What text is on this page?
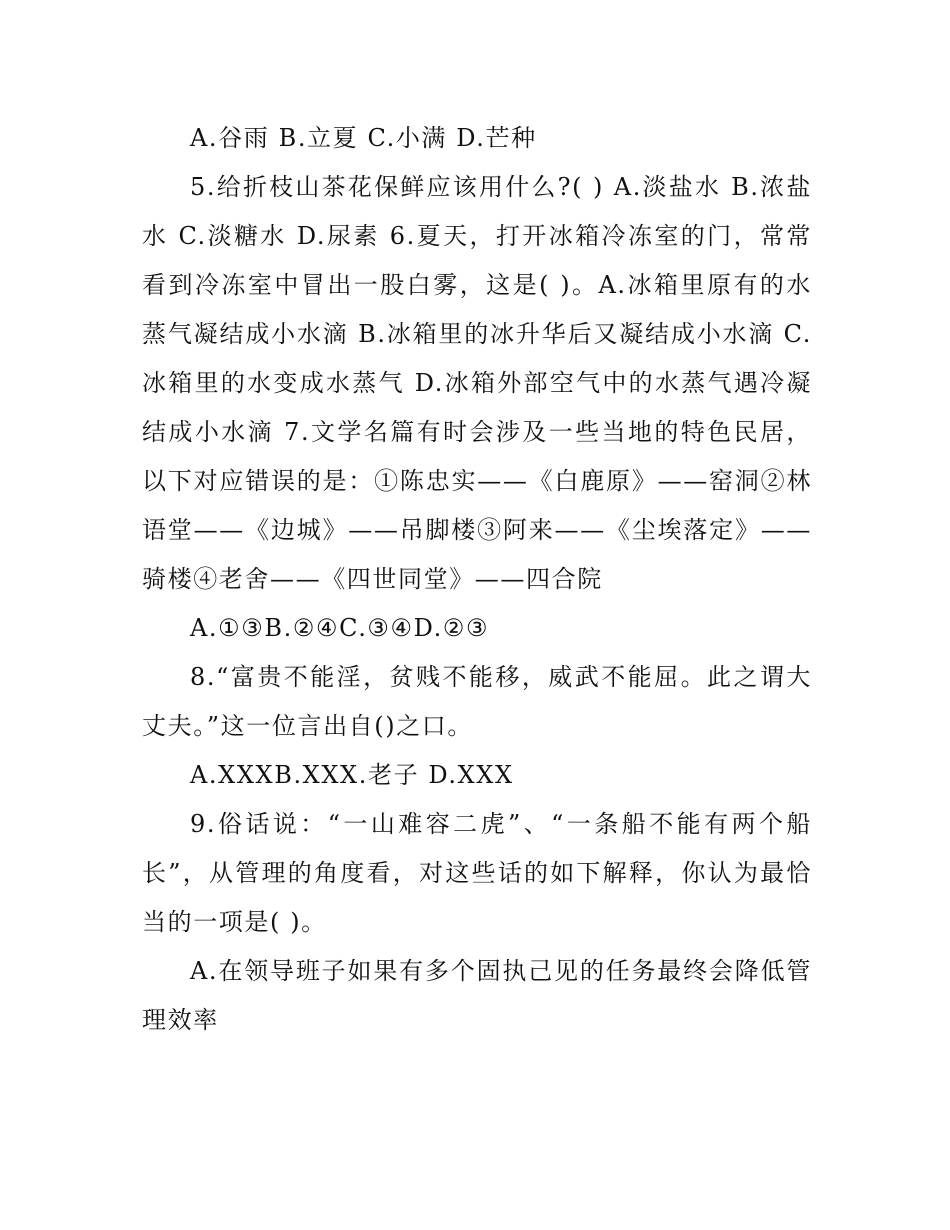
A.谷雨 B.立夏 C.小满 D.芒种

5.给折枝山茶花保鲜应该用什么?( ) A.淡盐水 B.浓盐水 C.淡糖水 D.尿素 6.夏天，打开冰箱冷冻室的门，常常看到冷冻室中冒出一股白雾，这是( )。A.冰箱里原有的水蒸气凝结成小水滴 B.冰箱里的冰升华后又凝结成小水滴 C.冰箱里的水变成水蒸气 D.冰箱外部空气中的水蒸气遇冷凝结成小水滴 7.文学名篇有时会涉及一些当地的特色民居，以下对应错误的是：①陈忠实——《白鹿原》——窑洞②林语堂——《边城》——吊脚楼③阿来——《尘埃落定》——骑楼④老舍——《四世同堂》——四合院

A.①③B.②④C.③④D.②③

8.“富贵不能淫，贫贱不能移，威武不能屈。此之谓大丈夫。”这一位言出自()之口。

A.XXXB.XXX.老子 D.XXX

9.俗话说：“一山难容二虎”、“一条船不能有两个船长”，从管理的角度看，对这些话的如下解释，你认为最恰当的一项是( )。

A.在领导班子如果有多个固执己见的任务最终会降低管理效率
